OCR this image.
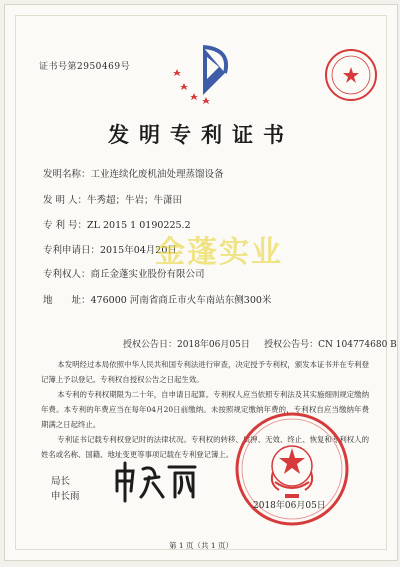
证书号第2950469号
发明专利证书
发明名称：工业连续化废机油处理蒸馏设备
发 明 人：牛秀超；牛岩；牛潇田
专 利 号：ZL 2015 1 0190225.2
专利申请日：2015年04月20日
专利权人：商丘金蓬实业股份有限公司
地　　址：476000 河南省商丘市火车南站东侧300米
金蓬实业
授权公告日：2018年06月05日 授权公告号：CN 104774680 B

本发明经过本局依照中华人民共和国专利法进行审查，决定授予专利权，颁发本证书并在专利登记簿上予以登记。专利权自授权公告之日起生效。

本专利的专利权期限为二十年，自申请日起算。专利权人应当依照专利法及其实施细则规定缴纳年费。本专利的年费应当在每年04月20日前缴纳。未按照规定缴纳年费的，专利权自应当缴纳年费期满之日起终止。

专利证书记载专利权登记时的法律状况。专利权的转移、质押、无效、终止、恢复和专利权人的姓名或名称、国籍、地址变更等事项记载在专利登记簿上。

局长
申长雨
2018年06月05日
第 1 页（共 1 页）
